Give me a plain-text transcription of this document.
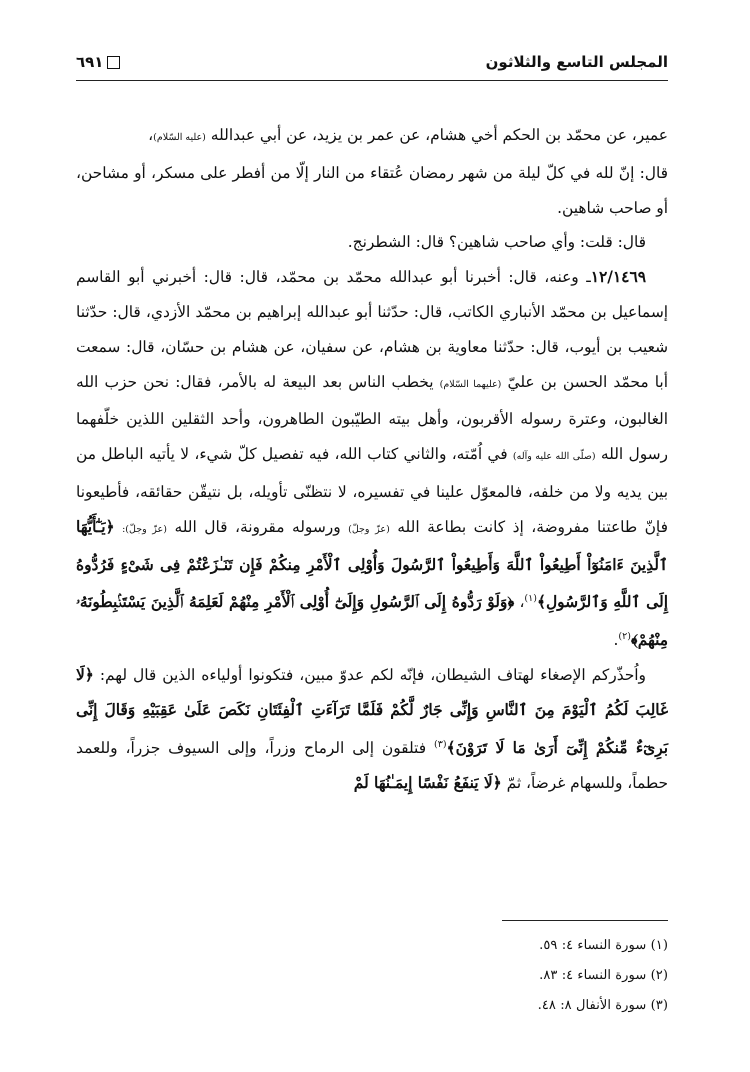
المجلس التاسع والثلاثون
٦٩١

عمير، عن محمّد بن الحكم أخي هشام، عن عمر بن يزيد، عن أبي عبدالله (عليه السّلام)،

قال: إنّ لله في كلّ ليلة من شهر رمضان عُتقاء من النار إلّا من أفطر على مسكر، أو مشاحن، أو صاحب شاهين.

قال: قلت: وأي صاحب شاهين؟ قال: الشطرنج.

١٢/١٤٦٩ـ وعنه، قال: أخبرنا أبو عبدالله محمّد بن محمّد، قال: قال: أخبرني أبو القاسم إسماعيل بن محمّد الأنباري الكاتب، قال: حدّثنا أبو عبدالله إبراهيم بن محمّد الأزدي، قال: حدّثنا شعيب بن أيوب، قال: حدّثنا معاوية بن هشام، عن سفيان، عن هشام بن حسّان، قال: سمعت أبا محمّد الحسن بن عليّ (عليهما السّلام) يخطب الناس بعد البيعة له بالأمر، فقال: نحن حزب الله الغالبون، وعترة رسوله الأقربون، وأهل بيته الطيّبون الطاهرون، وأحد الثقلين اللذين خلّفهما رسول الله (صلّى الله عليه وآله) في اُمّته، والثاني كتاب الله، فيه تفصيل كلّ شيء، لا يأتيه الباطل من بين يديه ولا من خلفه، فالمعوّل علينا في تفسيره، لا نتظنّى تأويله، بل نتيقّن حقائقه، فأطيعونا فإنّ طاعتنا مفروضة، إذ كانت بطاعة الله (عزّ وجلّ) ورسوله مقرونة، قال الله (عزّ وجلّ): ﴿يَـٰٓأَيُّهَا ٱلَّذِينَ ءَامَنُوٓاْ أَطِيعُواْ ٱللَّهَ وَأَطِيعُواْ ٱلرَّسُولَ وَأُوْلِى ٱلْأَمْرِ مِنكُمْ فَإِن تَنَـٰزَعْتُمْ فِى شَىْءٍ فَرُدُّوهُ إِلَى ٱللَّهِ وَٱلرَّسُولِ﴾$^{(١)}$، ﴿وَلَوْ رَدُّوهُ إِلَى ٱلرَّسُولِ وَإِلَىٰٓ أُوْلِى ٱلْأَمْرِ مِنْهُمْ لَعَلِمَهُ ٱلَّذِينَ يَسْتَنۢبِطُونَهُۥ مِنْهُمْ﴾$^{(٢)}$.

واُحذّركم الإصغاء لهتاف الشيطان، فإنّه لكم عدوّ مبين، فتكونوا أولياءه الذين قال لهم: ﴿لَا غَالِبَ لَكُمُ ٱلْيَوْمَ مِنَ ٱلنَّاسِ وَإِنِّى جَارٌ لَّكُمْ فَلَمَّا تَرَآءَتِ ٱلْفِئَتَانِ نَكَصَ عَلَىٰ عَقِبَيْهِ وَقَالَ إِنِّى بَرِىٓءٌ مِّنكُمْ إِنِّىٓ أَرَىٰ مَا لَا تَرَوْنَ﴾$^{(٣)}$ فتلقون إلى الرماح وزراً، وإلى السيوف جزراً، وللعمد حطماً، وللسهام غرضاً، ثمّ ﴿لَا يَنفَعُ نَفْسًا إِيمَـٰنُهَا لَمْ

(١) سورة النساء ٤: ٥٩.

(٢) سورة النساء ٤: ٨٣.

(٣) سورة الأنفال ٨: ٤٨.
